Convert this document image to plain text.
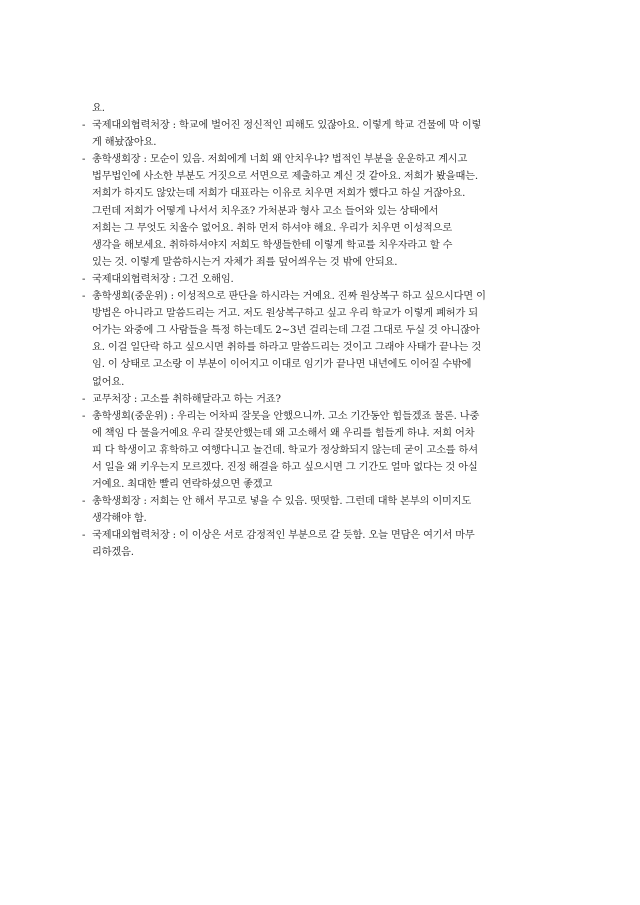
요.
- 국제대외협력처장 : 학교에 벌어진 정신적인 피해도 있잖아요. 이렇게 학교 건물에 막 이렇
게 해놨잖아요.
- 총학생회장 : 모순이 있음. 저희에게 너희 왜 안치우냐? 법적인 부분을 운운하고 계시고
법무법인에 사소한 부분도 거짓으로 서면으로 제출하고 계신 것 같아요. 저희가 봤을때는.
저희가 하지도 않았는데 저희가 대표라는 이유로 치우면 저희가 했다고 하실 거잖아요.
그런데 저희가 어떻게 나서서 치우죠? 가처분과 형사 고소 들어와 있는 상태에서
저희는 그 무엇도 치울수 없어요. 취하 먼저 하셔야 해요. 우리가 치우면 이성적으로
생각을 해보세요. 취하하셔야지 저희도 학생들한테 이렇게 학교를 치우자라고 할 수
있는 것. 이렇게 말씀하시는거 자체가 죄를 덮어씌우는 것 밖에 안되요.
- 국제대외협력처장 : 그건 오해임.
- 총학생회(중운위) : 이성적으로 판단을 하시라는 거예요. 진짜 원상복구 하고 싶으시다면 이
방법은 아니라고 말씀드리는 거고. 저도 원상복구하고 싶고 우리 학교가 이렇게 폐허가 되
어가는 와중에 그 사람들을 특정 하는데도 2~3년 걸리는데 그걸 그대로 두실 것 아니잖아
요. 이걸 일단락 하고 싶으시면 취하를 하라고 말씀드리는 것이고 그래야 사태가 끝나는 것
임. 이 상태로 고소랑 이 부분이 이어지고 이대로 임기가 끝나면 내년에도 이어질 수밖에
없어요.
- 교무처장 : 고소를 취하해달라고 하는 거죠?
- 총학생회(중운위) : 우리는 어차피 잘못을 안했으니까. 고소 기간동안 힘들겠죠 물론. 나중
에 책임 다 물을거예요 우리 잘못안했는데 왜 고소해서 왜 우리를 힘들게 하냐. 저희 어차
피 다 학생이고 휴학하고 여행다니고 놀건데. 학교가 정상화되지 않는데 굳이 고소를 하셔
서 일을 왜 키우는지 모르겠다. 진정 해결을 하고 싶으시면 그 기간도 얼마 없다는 것 아실
거예요. 최대한 빨리 연락하셨으면 좋겠고
- 총학생회장 : 저희는 안 해서 무고로 넣을 수 있음. 떳떳함. 그런데 대학 본부의 이미지도
생각해야 함.
- 국제대외협력처장 : 이 이상은 서로 감정적인 부분으로 갈 듯함. 오늘 면담은 여기서 마무
리하겠음.
